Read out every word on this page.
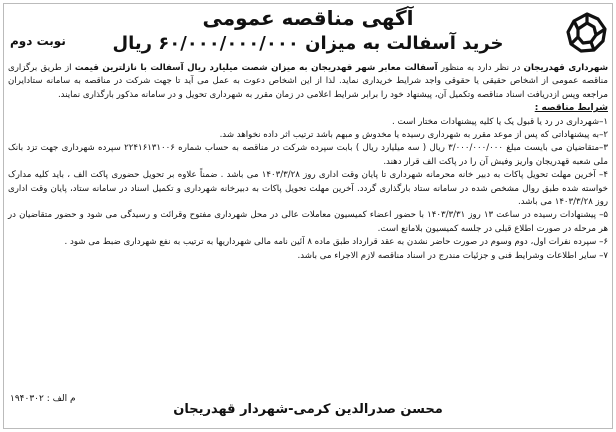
آگهی مناقصه عمومی
خرید آسفالت به میزان ۶۰/۰۰۰/۰۰۰/۰۰۰ ریال
نوبت دوم

شهرداری قهدریجان در نظر دارد به منظور آسفالت معابر شهر قهدریجان به میزان شصت میلیارد ریال آسفالت با نازلترین قیمت از طریق برگزاری مناقصه عمومی از اشخاص حقیقی یا حقوقی واجد شرایط خریداری نماید. لذا از این اشخاص دعوت به عمل می آید تا جهت شرکت در مناقصه به سامانه ستادایران مراجعه وپس ازدریافت اسناد مناقصه وتکمیل آن، پیشنهاد خود را برابر شرایط اعلامی در زمان مقرر به شهرداری تحویل و در سامانه مذکور بارگذاری نمایند.

شرایط مناقصه :
۱–شهرداری در رد یا قبول یک یا کلیه پیشنهادات مختار است .
۲–به پیشنهاداتی که پس از موعد مقرر به شهرداری رسیده یا مخدوش و مبهم باشد ترتیب اثر داده نخواهد شد.
۳–متقاضیان می بایست مبلغ ۳/۰۰۰/۰۰۰/۰۰۰ ریال ( سه میلیارد ریال ) بابت سپرده شرکت در مناقصه به حساب شماره ۲۲۴۱۶۱۳۱۰۰۶ سپرده شهرداری جهت تزد بانک ملی شعبه قهدریجان واریز وفیش آن را در پاکت الف قرار دهند.
۴– آخرین مهلت تحویل پاکات به دبیر خانه محرمانه شهرداری تا پایان وقت اداری روز ۱۴۰۳/۳/۲۸ می باشد . ضمناً علاوه بر تحویل حضوری پاکت الف ، باید کلیه مدارک خواسته شده طبق روال مشخص شده در سامانه ستاد بارگذاری گردد. آخرین مهلت تحویل پاکات به دبیرخانه شهرداری و تکمیل اسناد در سامانه ستاد، پایان وقت اداری روز ۱۴۰۳/۳/۲۸ می باشد.
۵– پیشنهادات رسیده در ساعت ۱۳ روز ۱۴۰۳/۳/۳۱ با حضور اعضاء کمیسیون معاملات عالی در محل شهرداری مفتوح وقرائت و رسیدگی می شود و حضور متقاضیان در هر مرحله در صورت اطلاع قبلی در جلسه کمیسیون بلامانع است.
۶– سپرده نفرات اول، دوم وسوم در صورت حاضر نشدن به عقد قرارداد طبق ماده ۸ آئین نامه مالی شهرداریها به ترتیب به نفع شهرداری ضبط می شود .
۷– سایر اطلاعات وشرایط فنی و جزئیات مندرج در اسناد مناقصه لازم الاجراء می باشد.
م الف : ۱۹۴۰۳۰۲
محسن صدرالدین کرمی-شهردار قهدریجان
